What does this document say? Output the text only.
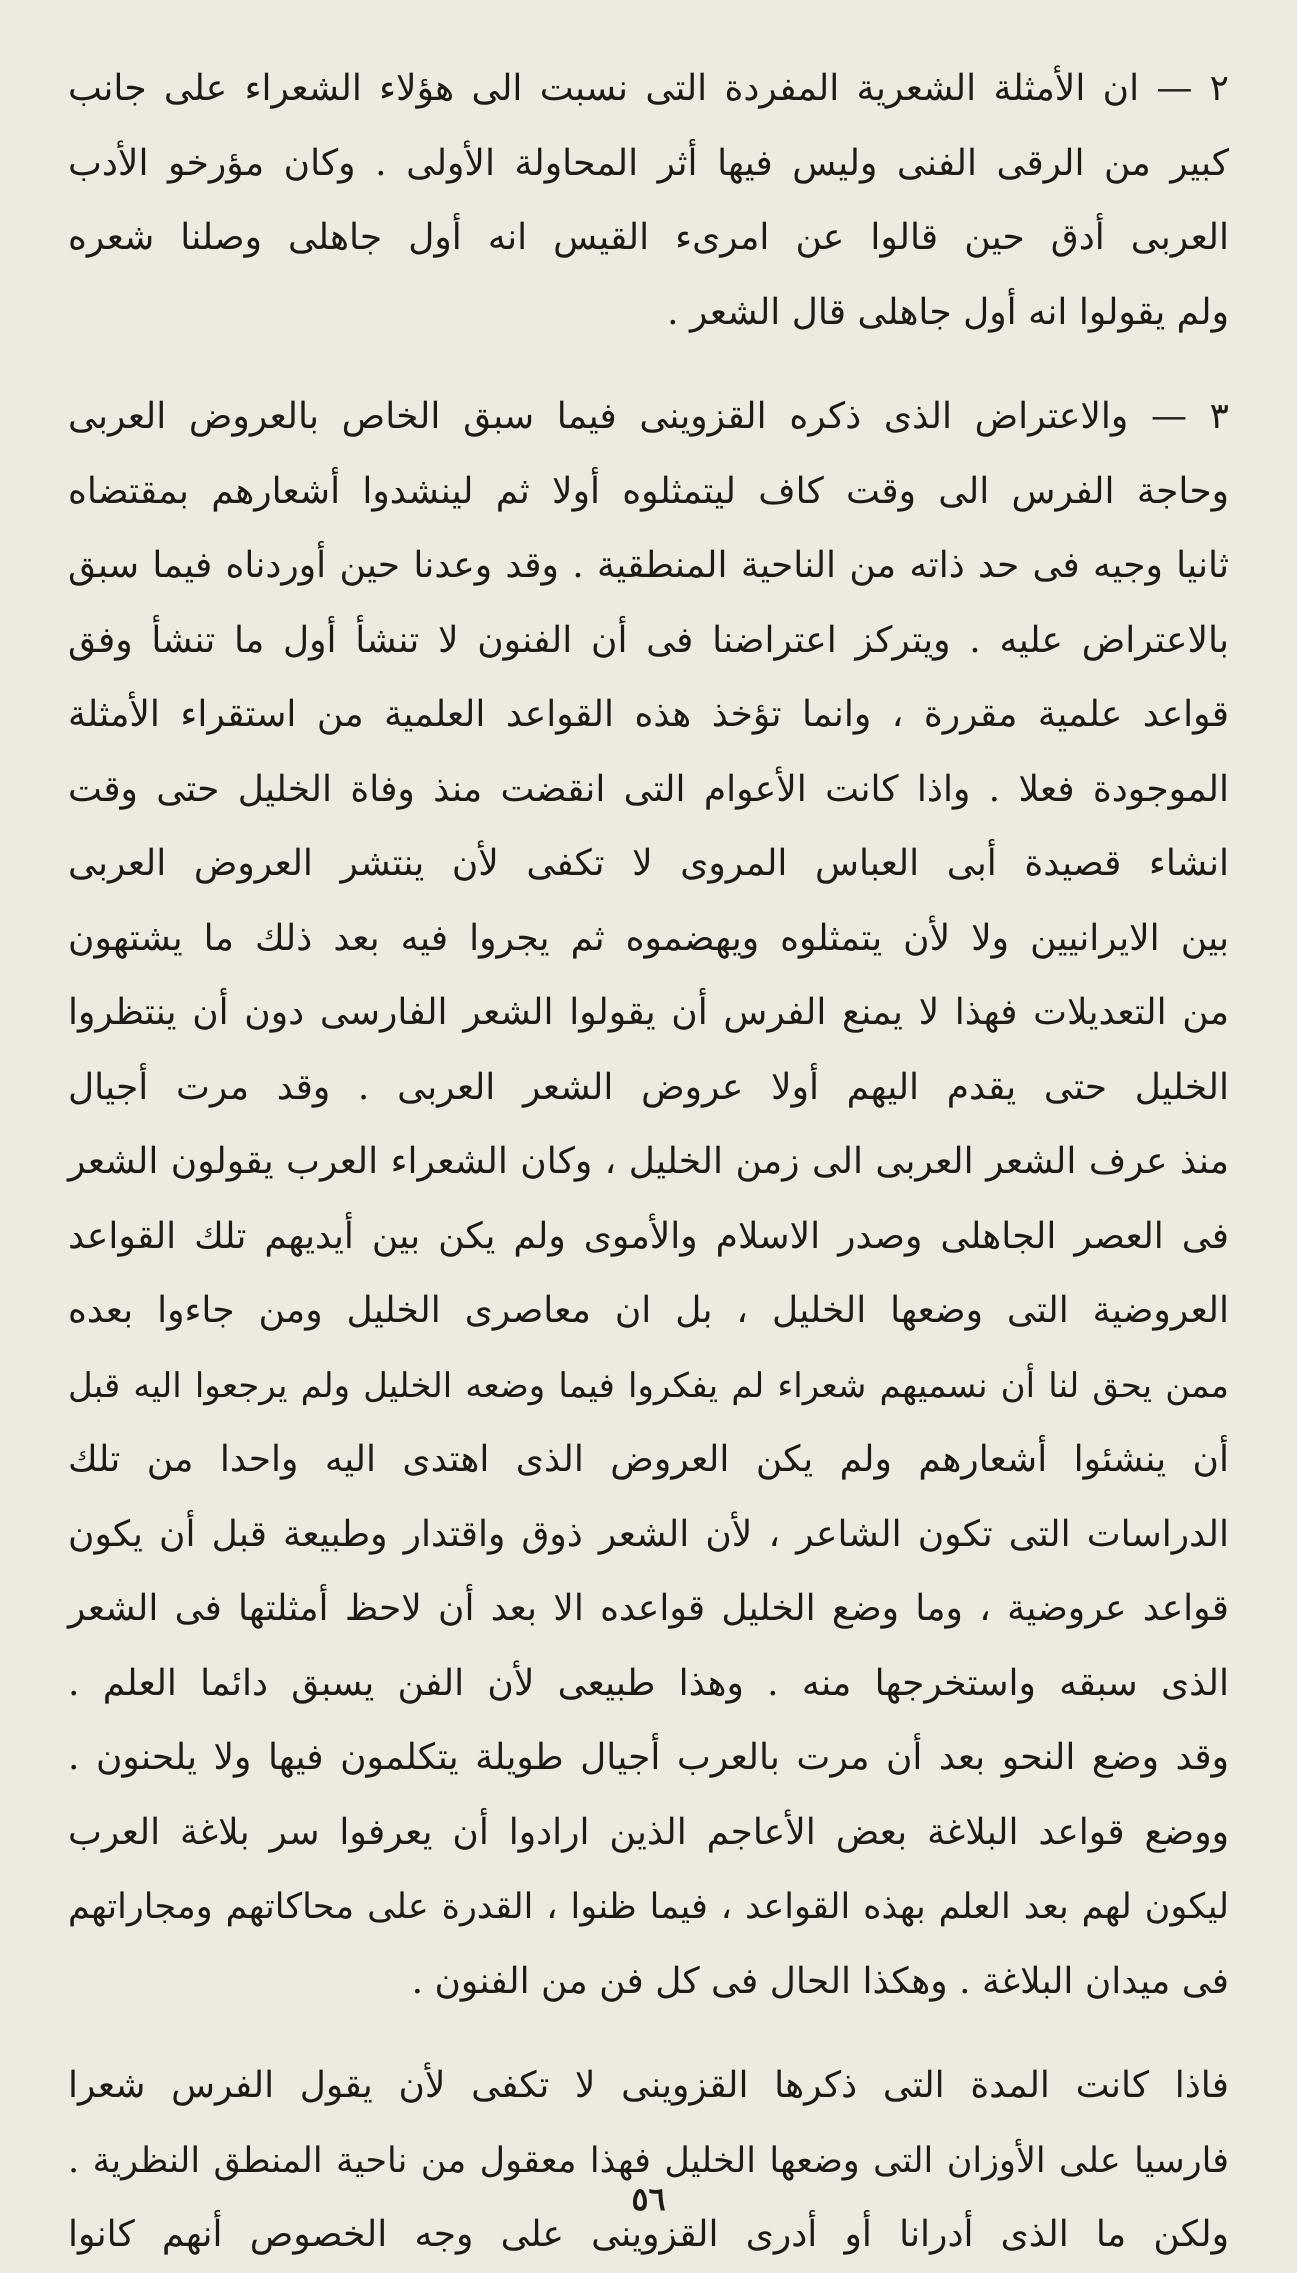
٢ — ان الأمثلة الشعرية المفردة التى نسبت الى هؤلاء الشعراء على جانب
كبير من الرقى الفنى وليس فيها أثر المحاولة الأولى . وكان مؤرخو الأدب
العربى أدق حين قالوا عن امرىء القيس انه أول جاهلى وصلنا شعره
ولم يقولوا انه أول جاهلى قال الشعر .

٣ — والاعتراض الذى ذكره القزوينى فيما سبق الخاص بالعروض العربى
وحاجة الفرس الى وقت كاف ليتمثلوه أولا ثم لينشدوا أشعارهم بمقتضاه
ثانيا وجيه فى حد ذاته من الناحية المنطقية . وقد وعدنا حين أوردناه فيما سبق
بالاعتراض عليه . ويتركز اعتراضنا فى أن الفنون لا تنشأ أول ما تنشأ وفق
قواعد علمية مقررة ، وانما تؤخذ هذه القواعد العلمية من استقراء الأمثلة
الموجودة فعلا . واذا كانت الأعوام التى انقضت منذ وفاة الخليل حتى وقت
انشاء قصيدة أبى العباس المروى لا تكفى لأن ينتشر العروض العربى
بين الايرانيين ولا لأن يتمثلوه ويهضموه ثم يجروا فيه بعد ذلك ما يشتهون
من التعديلات فهذا لا يمنع الفرس أن يقولوا الشعر الفارسى دون أن ينتظروا
الخليل حتى يقدم اليهم أولا عروض الشعر العربى . وقد مرت أجيال
منذ عرف الشعر العربى الى زمن الخليل ، وكان الشعراء العرب يقولون الشعر
فى العصر الجاهلى وصدر الاسلام والأموى ولم يكن بين أيديهم تلك القواعد
العروضية التى وضعها الخليل ، بل ان معاصرى الخليل ومن جاءوا بعده
ممن يحق لنا أن نسميهم شعراء لم يفكروا فيما وضعه الخليل ولم يرجعوا اليه قبل
أن ينشئوا أشعارهم ولم يكن العروض الذى اهتدى اليه واحدا من تلك
الدراسات التى تكون الشاعر ، لأن الشعر ذوق واقتدار وطبيعة قبل أن يكون
قواعد عروضية ، وما وضع الخليل قواعده الا بعد أن لاحظ أمثلتها فى الشعر
الذى سبقه واستخرجها منه . وهذا طبيعى لأن الفن يسبق دائما العلم .
وقد وضع النحو بعد أن مرت بالعرب أجيال طويلة يتكلمون فيها ولا يلحنون .
ووضع قواعد البلاغة بعض الأعاجم الذين ارادوا أن يعرفوا سر بلاغة العرب
ليكون لهم بعد العلم بهذه القواعد ، فيما ظنوا ، القدرة على محاكاتهم ومجاراتهم
فى ميدان البلاغة . وهكذا الحال فى كل فن من الفنون .

فاذا كانت المدة التى ذكرها القزوينى لا تكفى لأن يقول الفرس شعرا
فارسيا على الأوزان التى وضعها الخليل فهذا معقول من ناحية المنطق النظرية .
ولكن ما الذى أدرانا أو أدرى القزوينى على وجه الخصوص أنهم كانوا

٥٦
